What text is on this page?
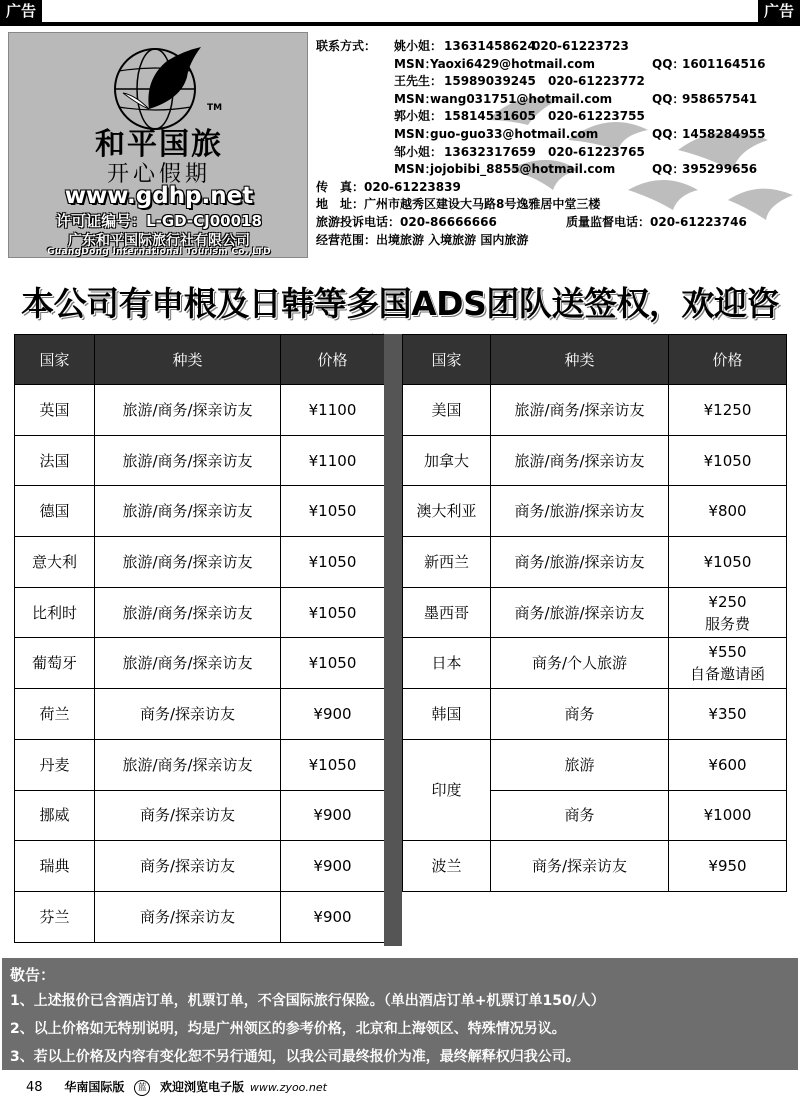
广告	广告
TM
和平国旅
开心假期
www.gdhp.net
许可证编号：L-GD-CJ00018
广东和平国际旅行社有限公司
GuangDong International Tourism Co.,LTD
联系方式： 姚小姐： 13631458624
020-61223723
MSN：
Yaoxi6429@hotmail.com	QQ：
1601164516
王先生： 15989039245 020-61223772
MSN：
wang031751@hotmail.com	QQ：
958657541
郭小姐： 15814531605 020-61223755
MSN：
guo-guo33@hotmail.com	QQ：
1458284955
邹小姐： 13632317659 020-61223765
MSN：
jojobibi_8855@hotmail.com	QQ：
395299656
传　真：020-61223839
地　址：广州市越秀区建设大马路8号逸雅居中堂三楼
旅游投诉电话：020-86666666	质量监督电话：020-61223746
经营范围：出境旅游 入境旅游 国内旅游
本公司有申根及日韩等多国ADS团队送签权，欢迎咨
国家	种类	价格
英国	旅游/商务/探亲访友	¥1100
法国	旅游/商务/探亲访友	¥1100
德国	旅游/商务/探亲访友	¥1050
意大利	旅游/商务/探亲访友	¥1050
比利时	旅游/商务/探亲访友	¥1050
葡萄牙	旅游/商务/探亲访友	¥1050
荷兰	商务/探亲访友	¥900
丹麦	旅游/商务/探亲访友	¥1050
挪威	商务/探亲访友	¥900
瑞典	商务/探亲访友	¥900
芬兰	商务/探亲访友	¥900
国家	种类	价格
美国	旅游/商务/探亲访友	¥1250
加拿大	旅游/商务/探亲访友	¥1050
澳大利亚	商务/旅游/探亲访友	¥800
新西兰	商务/旅游/探亲访友	¥1050
墨西哥	商务/旅游/探亲访友	¥250
服务费

日本	商务/个人旅游	¥550
自备邀请函

韩国	商务	¥350
印度	旅游	¥600
	商务	¥1000
波兰	商务/探亲访友	¥950
敬告：
1、上述报价已含酒店订单，机票订单，不含国际旅行保险。（单出酒店订单+机票订单150/人）
2、以上价格如无特别说明，均是广州领区的参考价格，北京和上海领区、特殊情况另议。
3、若以上价格及内容有变化恕不另行通知，以我公司最终报价为准，最终解释权归我公司。
48 华南国际版 蓝 欢迎浏览电子版 www.zyoo.net
